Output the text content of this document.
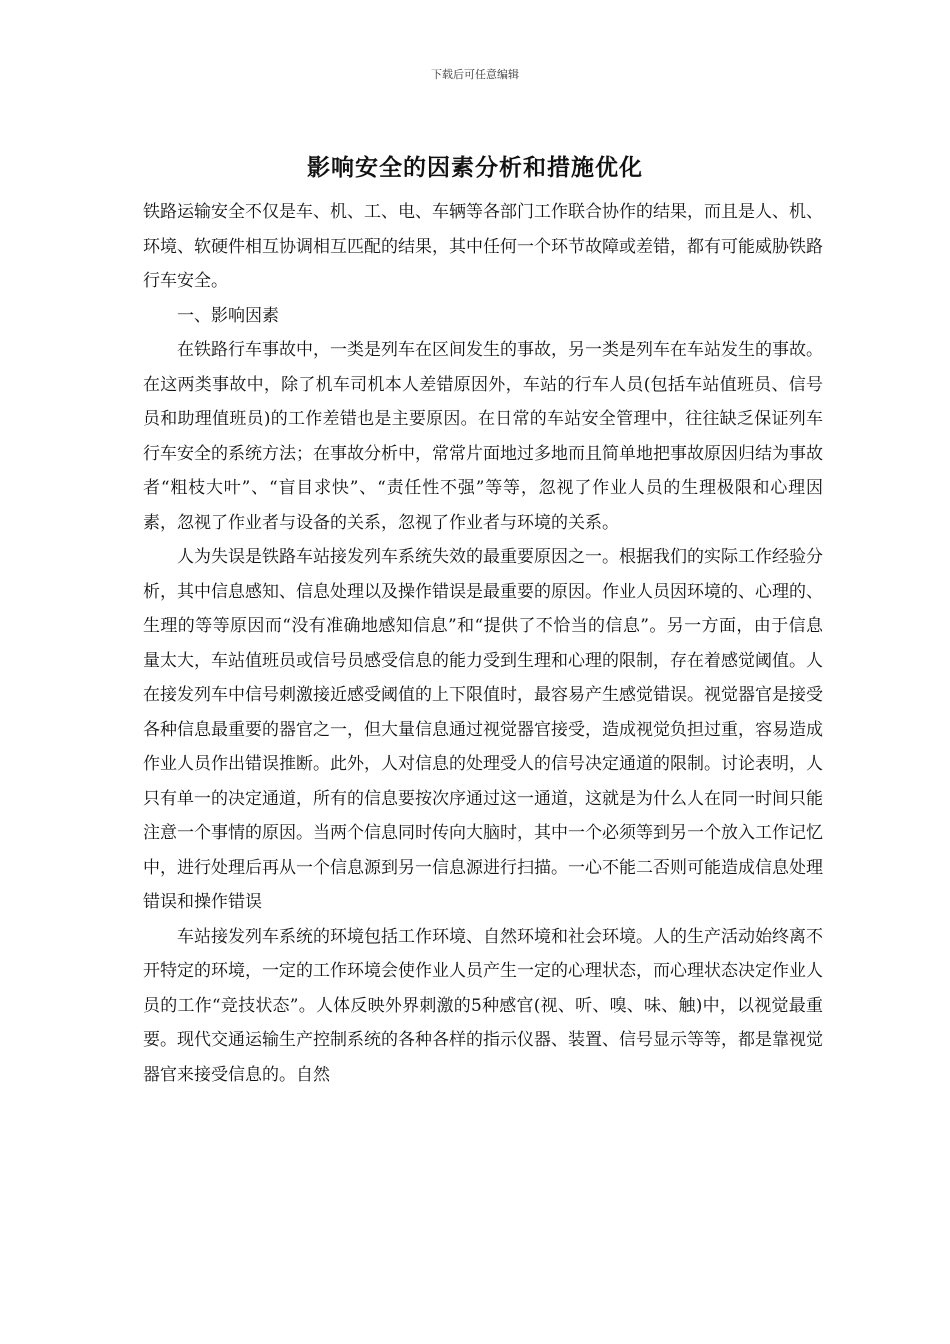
下载后可任意编辑
影响安全的因素分析和措施优化

铁路运输安全不仅是车、机、工、电、车辆等各部门工作联合协作的结果，而且是人、机、环境、软硬件相互协调相互匹配的结果，其中任何一个环节故障或差错，都有可能威胁铁路行车安全。

一、影响因素

在铁路行车事故中，一类是列车在区间发生的事故，另一类是列车在车站发生的事故。在这两类事故中，除了机车司机本人差错原因外，车站的行车人员(包括车站值班员、信号员和助理值班员)的工作差错也是主要原因。在日常的车站安全管理中，往往缺乏保证列车行车安全的系统方法；在事故分析中，常常片面地过多地而且简单地把事故原因归结为事故者“粗枝大叶”、“盲目求快”、“责任性不强”等等，忽视了作业人员的生理极限和心理因素，忽视了作业者与设备的关系，忽视了作业者与环境的关系。

人为失误是铁路车站接发列车系统失效的最重要原因之一。根据我们的实际工作经验分析，其中信息感知、信息处理以及操作错误是最重要的原因。作业人员因环境的、心理的、生理的等等原因而“没有准确地感知信息”和“提供了不恰当的信息”。另一方面，由于信息量太大，车站值班员或信号员感受信息的能力受到生理和心理的限制，存在着感觉阈值。人在接发列车中信号刺激接近感受阈值的上下限值时，最容易产生感觉错误。视觉器官是接受各种信息最重要的器官之一，但大量信息通过视觉器官接受，造成视觉负担过重，容易造成作业人员作出错误推断。此外，人对信息的处理受人的信号决定通道的限制。讨论表明，人只有单一的决定通道，所有的信息要按次序通过这一通道，这就是为什么人在同一时间只能注意一个事情的原因。当两个信息同时传向大脑时，其中一个必须等到另一个放入工作记忆中，进行处理后再从一个信息源到另一信息源进行扫描。一心不能二否则可能造成信息处理错误和操作错误

车站接发列车系统的环境包括工作环境、自然环境和社会环境。人的生产活动始终离不开特定的环境，一定的工作环境会使作业人员产生一定的心理状态，而心理状态决定作业人员的工作“竞技状态”。人体反映外界刺激的5种感官(视、听、嗅、味、触)中，以视觉最重要。现代交通运输生产控制系统的各种各样的指示仪器、装置、信号显示等等，都是靠视觉器官来接受信息的。自然
